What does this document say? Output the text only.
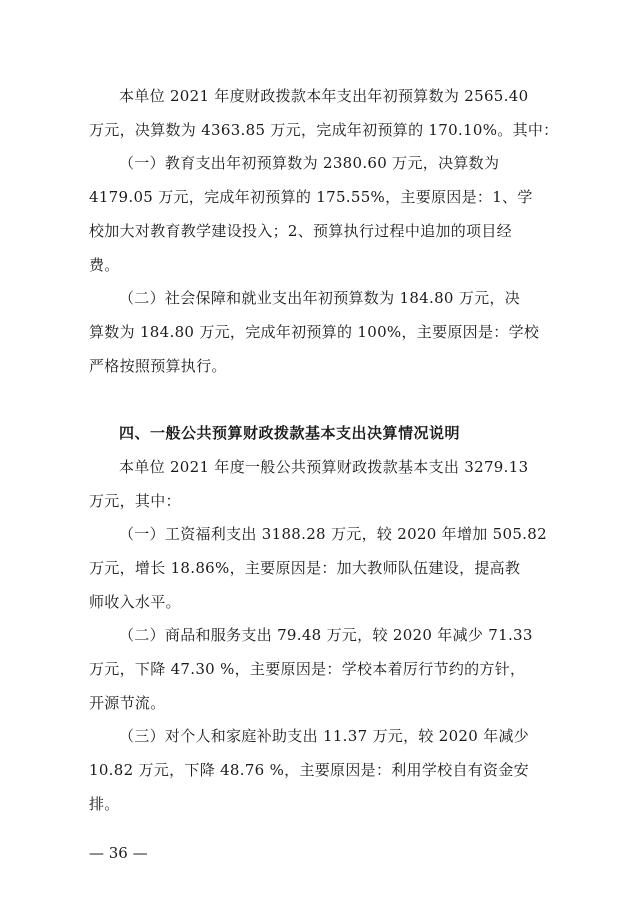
本单位 2021 年度财政拨款本年支出年初预算数为 2565.40
万元，决算数为 4363.85 万元，完成年初预算的 170.10%。其中：
（一）教育支出年初预算数为 2380.60 万元，决算数为
4179.05 万元，完成年初预算的 175.55%，主要原因是：1、学
校加大对教育教学建设投入；2、预算执行过程中追加的项目经
费。
（二）社会保障和就业支出年初预算数为 184.80 万元，决
算数为 184.80 万元，完成年初预算的 100%，主要原因是：学校
严格按照预算执行。
四、一般公共预算财政拨款基本支出决算情况说明
本单位 2021 年度一般公共预算财政拨款基本支出 3279.13
万元，其中：
（一）工资福利支出 3188.28 万元，较 2020 年增加 505.82
万元，增长 18.86%，主要原因是：加大教师队伍建设，提高教
师收入水平。
（二）商品和服务支出 79.48 万元，较 2020 年减少 71.33
万元，下降 47.30 %，主要原因是：学校本着厉行节约的方针，
开源节流。
（三）对个人和家庭补助支出 11.37 万元，较 2020 年减少
10.82 万元，下降 48.76 %，主要原因是：利用学校自有资金安
排。
— 36 —
